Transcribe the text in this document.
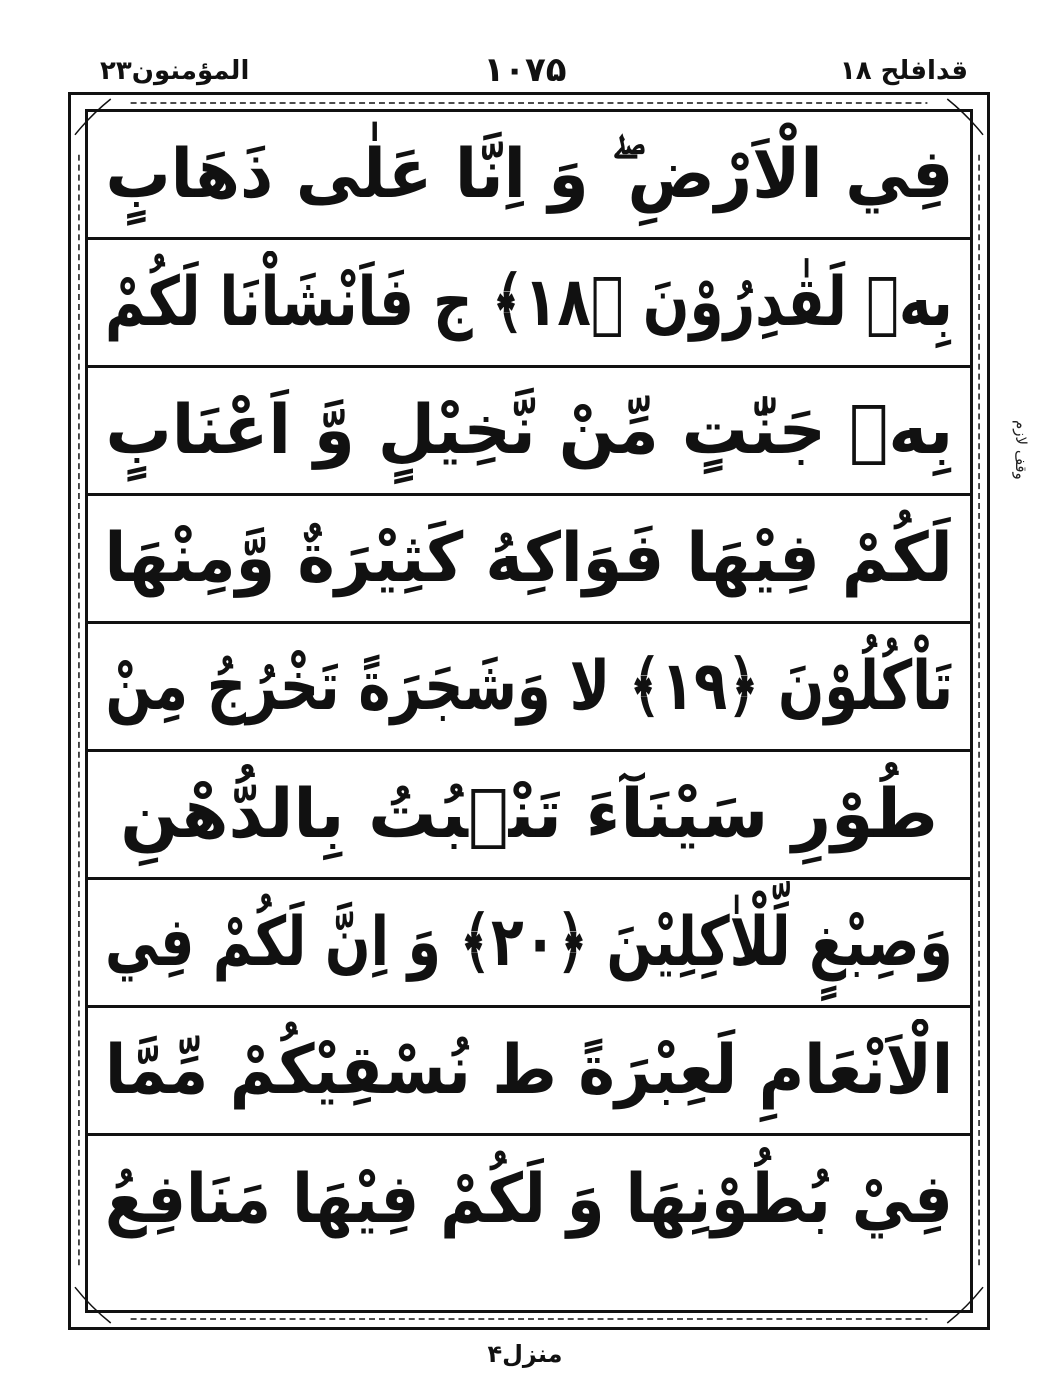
قدافلح ۱۸
۱۰۷۵
المؤمنون۲۳
فِي الْاَرْضِ ۖ وَ اِنَّا عَلٰى ذَهَابٍ
بِهٖ لَقٰدِرُوْنَ ﴿۱۸﴾ ج فَاَنْشَاْنَا لَكُمْ
بِهٖ جَنّٰتٍ مِّنْ نَّخِيْلٍ وَّ اَعْنَابٍ
لَكُمْ فِيْهَا فَوَاكِهُ كَثِيْرَةٌ وَّمِنْهَا
تَاْكُلُوْنَ ﴿۱۹﴾ لا وَشَجَرَةً تَخْرُجُ مِنْ
طُوْرِ سَيْنَآءَ تَنْۢبُتُ بِالدُّهْنِ
وَصِبْغٍ لِّلْاٰكِلِيْنَ ﴿۲۰﴾ وَ اِنَّ لَكُمْ فِي
الْاَنْعَامِ لَعِبْرَةً ط نُسْقِيْكُمْ مِّمَّا
فِيْ بُطُوْنِهَا وَ لَكُمْ فِيْهَا مَنَافِعُ
وقف لازم
منزل۴
